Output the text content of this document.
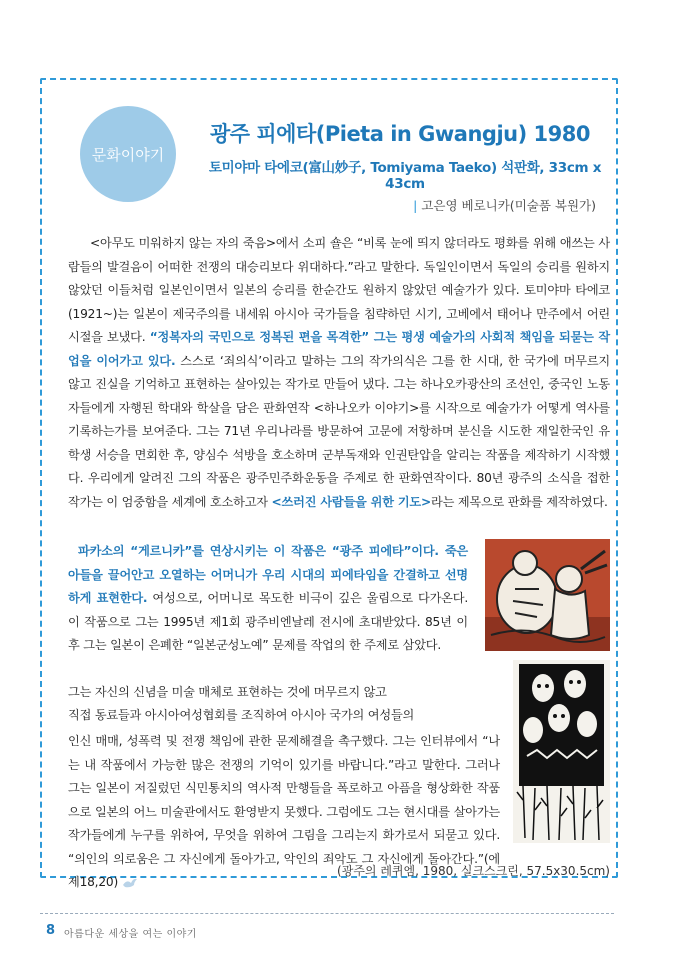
문화이야기
광주 피에타(Pieta in Gwangju) 1980
토미야마 타에코(富山妙子, Tomiyama Taeko) 석판화, 33cm x 43cm
| 고은영 베로니카(미술품 복원가)

<아무도 미워하지 않는 자의 죽음>에서 소피 숄은 “비록 눈에 띄지 않더라도 평화를 위해 애쓰는 사람들의 발걸음이 어떠한 전쟁의 대승리보다 위대하다.”라고 말한다. 독일인이면서 독일의 승리를 원하지 않았던 이들처럼 일본인이면서 일본의 승리를 한순간도 원하지 않았던 예술가가 있다. 토미야마 타에코(1921~)는 일본이 제국주의를 내세워 아시아 국가들을 침략하던 시기, 고베에서 태어나 만주에서 어린 시절을 보냈다. “정복자의 국민으로 정복된 편을 목격한” 그는 평생 예술가의 사회적 책임을 되묻는 작업을 이어가고 있다. 스스로 ‘죄의식’이라고 말하는 그의 작가의식은 그를 한 시대, 한 국가에 머무르지 않고 진실을 기억하고 표현하는 살아있는 작가로 만들어 냈다. 그는 하나오카광산의 조선인, 중국인 노동자들에게 자행된 학대와 학살을 담은 판화연작 <하나오카 이야기>를 시작으로 예술가가 어떻게 역사를 기록하는가를 보여준다. 그는 71년 우리나라를 방문하여 고문에 저항하며 분신을 시도한 재일한국인 유학생 서승을 면회한 후, 양심수 석방을 호소하며 군부독재와 인권탄압을 알리는 작품을 제작하기 시작했다. 우리에게 알려진 그의 작품은 광주민주화운동을 주제로 한 판화연작이다. 80년 광주의 소식을 접한 작가는 이 엄중함을 세계에 호소하고자 <쓰러진 사람들을 위한 기도>라는 제목으로 판화를 제작하였다.

파카소의 “게르니카”를 연상시키는 이 작품은 “광주 피에타”이다. 죽은 아들을 끌어안고 오열하는 어머니가 우리 시대의 피에타임을 간결하고 선명하게 표현한다. 여성으로, 어머니로 목도한 비극이 깊은 울림으로 다가온다. 이 작품으로 그는 1995년 제1회 광주비엔날레 전시에 초대받았다. 85년 이후 그는 일본이 은폐한 “일본군성노예” 문제를 작업의 한 주제로 삼았다.

그는 자신의 신념을 미술 매체로 표현하는 것에 머무르지 않고

직접 동료들과 아시아여성협회를 조직하여 아시아 국가의 여성들의

인신 매매, 성폭력 및 전쟁 책임에 관한 문제해결을 촉구했다. 그는 인터뷰에서 “나는 내 작품에서 가능한 많은 전쟁의 기억이 있기를 바랍니다.”라고 말한다. 그러나 그는 일본이 저질렀던 식민통치의 역사적 만행들을 폭로하고 아픔을 형상화한 작품으로 일본의 어느 미술관에서도 환영받지 못했다. 그럼에도 그는 현시대를 살아가는 작가들에게 누구를 위하여, 무엇을 위하여 그림을 그리는지 화가로서 되묻고 있다. “의인의 의로움은 그 자신에게 돌아가고, 악인의 죄악도 그 자신에게 돌아간다.”(에제18,20)

(광주의 레퀴엠, 1980, 실크스크린, 57.5x30.5cm)
8 아름다운 세상을 여는 이야기
